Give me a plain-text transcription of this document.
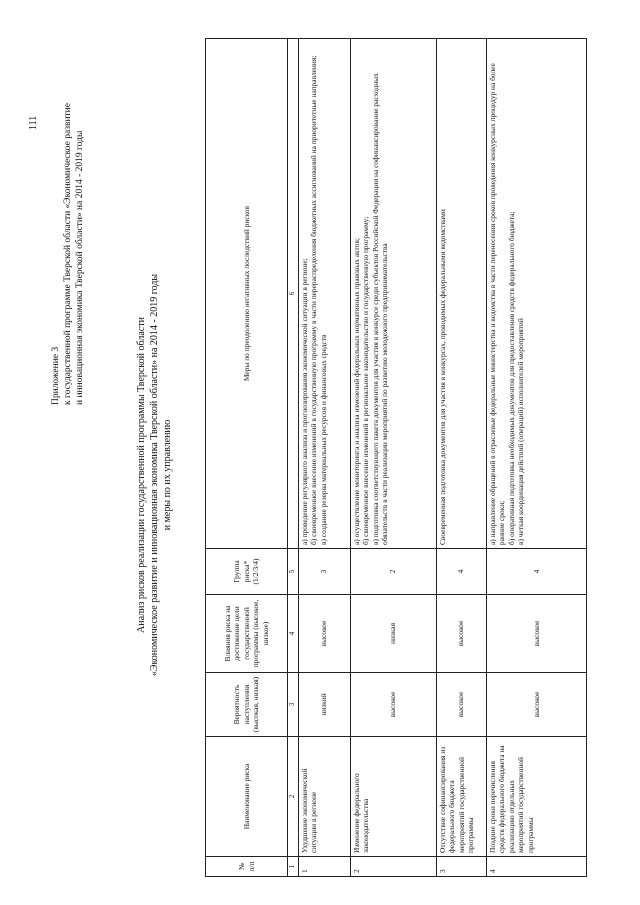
111
Приложение 3 к государственной программе Тверской области «Экономическое развитие и инновационная экономика Тверской области» на 2014 - 2019 годы
Анализ рисков реализации государственной программы Тверской области «Экономическое развитие и инновационная экономика Тверской области» на 2014 - 2019 годы и меры по их управлению
№ п/п	Наименование риска	Вероятность наступления (высокая, низкая)	Влияния риска на достижение цели государственной программы (высокое, низкое)	Группа риска* (1/2/3/4)	Меры по преодолению негативных последствий рисков
1	2	3	4	5	6
1	Ухудшение экономической ситуации в регионе	низкий	высокое	3	а) проведение регулярного анализа и прогнозирования экономической ситуации в регионе; б) своевременное внесение изменений в государственную программу в части перераспределения бюджетных ассигнований на приоритетные направления; в) создание резерва материальных ресурсов и финансовых средств

2	Изменение федерального законодательства	высокое	низкая	2	а) осуществление мониторинга и анализа изменений федеральных нормативных правовых актов; б) своевременное внесение изменений в региональное законодательство и государственную программу; в) подготовка соответствующего пакета документов для участия в конкурсе среди субъектов Российской Федерации на софинансирование расходных обязательств в части реализации мероприятий по развитию молодежного предпринимательства

3	Отсутствие софинансирования из федерального бюджета мероприятий государственной программы	высокое	высокое	4	Своевременная подготовка документов для участия в конкурсах, проводимых федеральными ведомствами

4	Поздние сроки перечисления средств федерального бюджета на реализацию отдельных мероприятий государственной программы	высокое	высокое	4	а) направление обращений в отраслевые федеральные министерства и ведомства в части перенесения сроков проведения конкурсных процедур на более ранние сроки; б) оперативная подготовка необходимых документов для предоставления средств федерального бюджета; в) четкая координация действий (операций) исполнителей мероприятий
